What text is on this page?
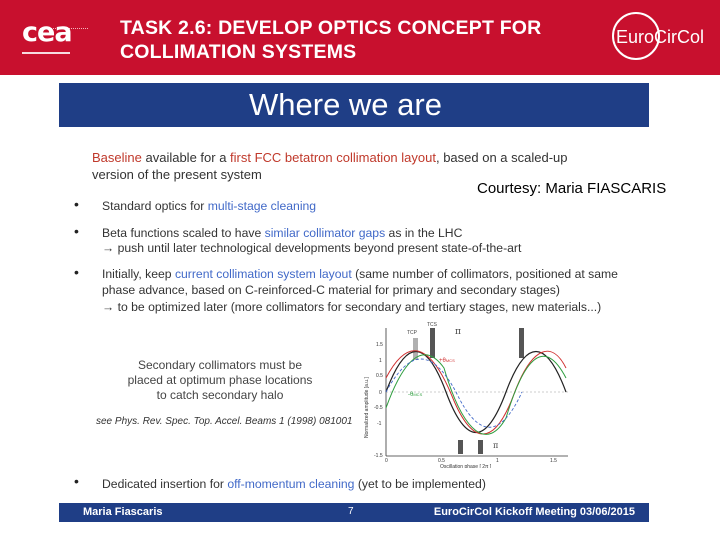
cea TASK 2.6: DEVELOP OPTICS CONCEPT FOR
COLLIMATION SYSTEMS
EuroCirCol
Where we are
Baseline available for a first FCC betatron collimation layout, based on a scaled-up
version of the present system
• Standard optics for multi-stage cleaning
• Beta functions scaled to have similar collimator gaps as in the LHC
→ push until later technological developments beyond present state-of-the-art
• Initially, keep current collimation system layout (same number of collimators, positioned at same
phase advance, based on C-reinforced-C material for primary and secondary stages)
→ to be optimized later (more collimators for secondary and tertiary stages, new materials...)
• Dedicated insertion for off-momentum cleaning (yet to be implemented)
Courtesy: Maria FIASCARIS
Secondary collimators must be
placed at optimum phase locations
to catch secondary halo
see Phys. Rev. Spec. Top. Accel. Beams 1 (1998) 081001
TCP
TCS
π
π
+θMCS
-θMCS
1.5
1
0.5
0
-0.5
-1
-1.5
0	0.5	1	1.5
Oscillation phase [ 2π ]
Normalized amplitude [a.u.]
Maria Fiascaris	7	EuroCirCol Kickoff Meeting 03/06/2015
